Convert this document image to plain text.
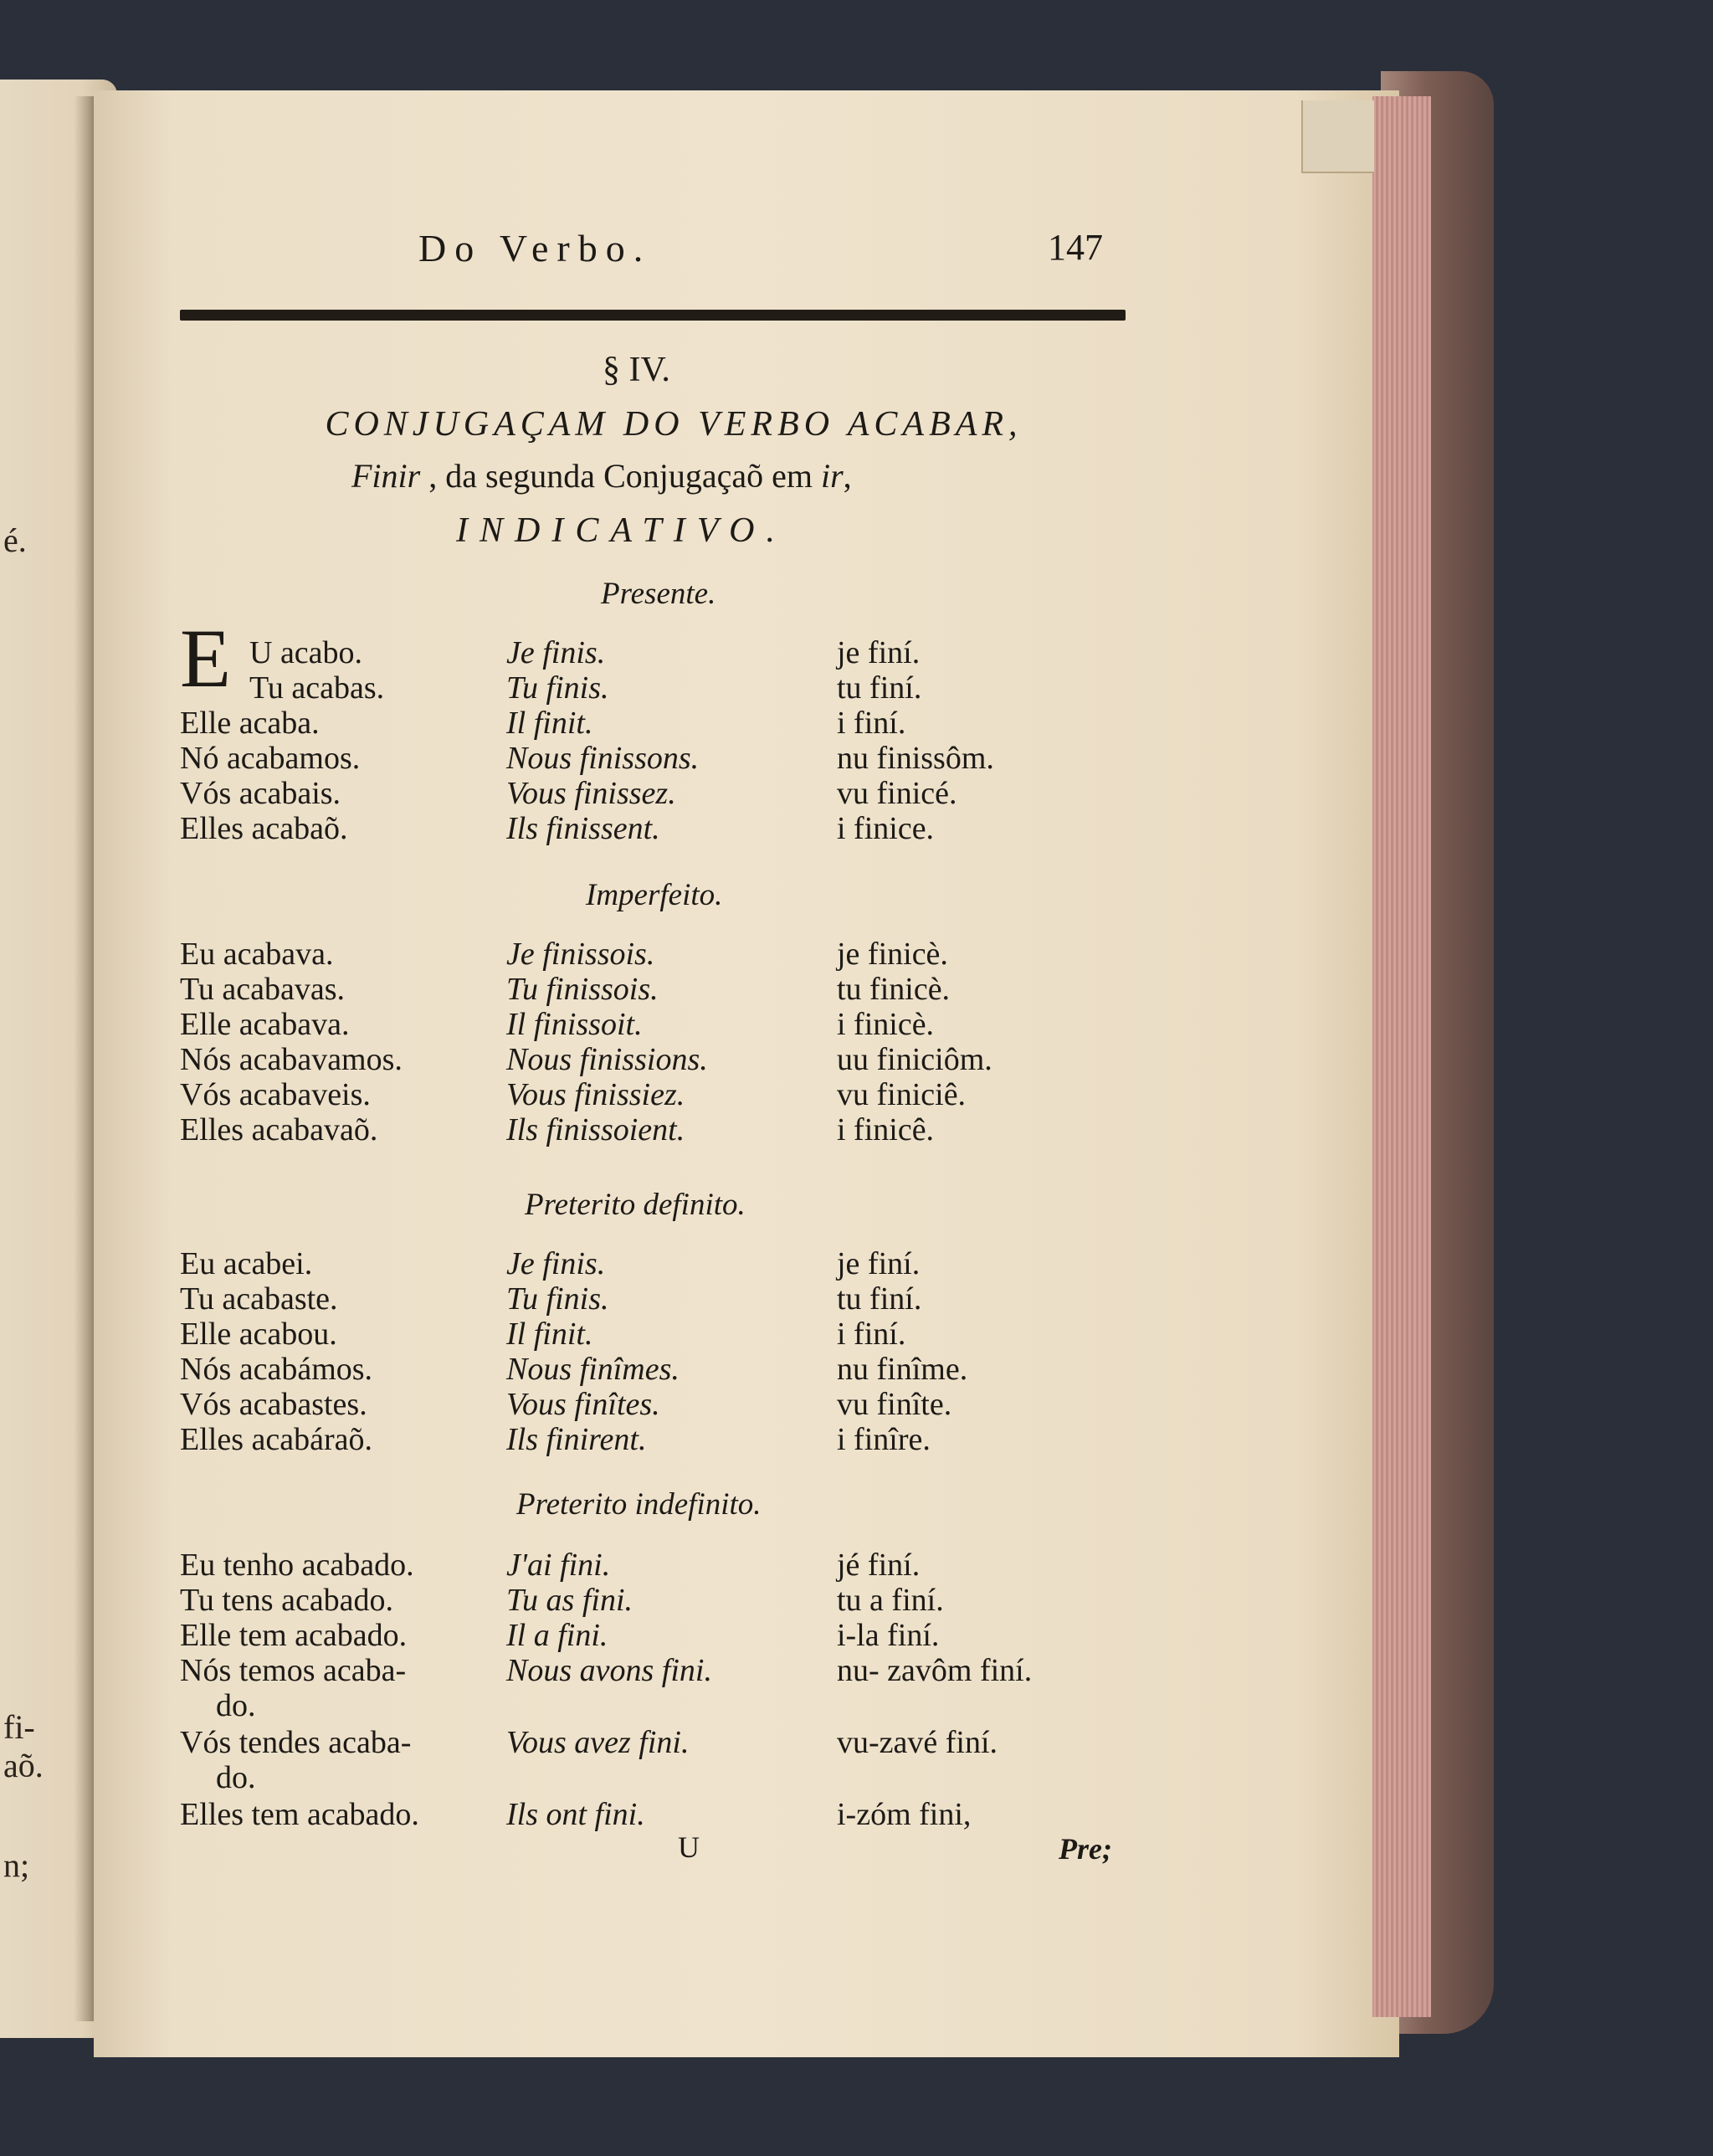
é.
fi-
aõ.
n;
Do Verbo.	147
§ IV.
CONJUGAÇAM DO VERBO ACABAR,
Finir , da segunda Conjugaçaõ em ir,
INDICATIVO.
E
Presente.
U acabo.	Je finis.	je finí.
Tu acabas.	Tu finis.	tu finí.
Elle acaba.	Il finit.	i finí.
Nó acabamos.	Nous finissons.	nu finissôm.
Vós acabais.	Vous finissez.	vu finicé.
Elles acabaõ.	Ils finissent.	i finice.
Imperfeito.
Eu acabava.	Je finissois.	je finicè.
Tu acabavas.	Tu finissois.	tu finicè.
Elle acabava.	Il finissoit.	i finicè.
Nós acabavamos.	Nous finissions.	uu finiciôm.
Vós acabaveis.	Vous finissiez.	vu finiciê.
Elles acabavaõ.	Ils finissoient.	i finicê.
Preterito definito.
Eu acabei.	Je finis.	je finí.
Tu acabaste.	Tu finis.	tu finí.
Elle acabou.	Il finit.	i finí.
Nós acabámos.	Nous finîmes.	nu finîme.
Vós acabastes.	Vous finîtes.	vu finîte.
Elles acabáraõ.	Ils finirent.	i finîre.
Preterito indefinito.
Eu tenho acabado.	J'ai fini.	jé finí.
Tu tens acabado.	Tu as fini.	tu a finí.
Elle tem acabado.	Il a fini.	i-la finí.
Nós temos acaba-	Nous avons fini.	nu- zavôm finí.
do.
Vós tendes acaba-	Vous avez fini.	vu-zavé finí.
do.
Elles tem acabado.	Ils ont fini.	i-zóm fini,
U	Pre;
